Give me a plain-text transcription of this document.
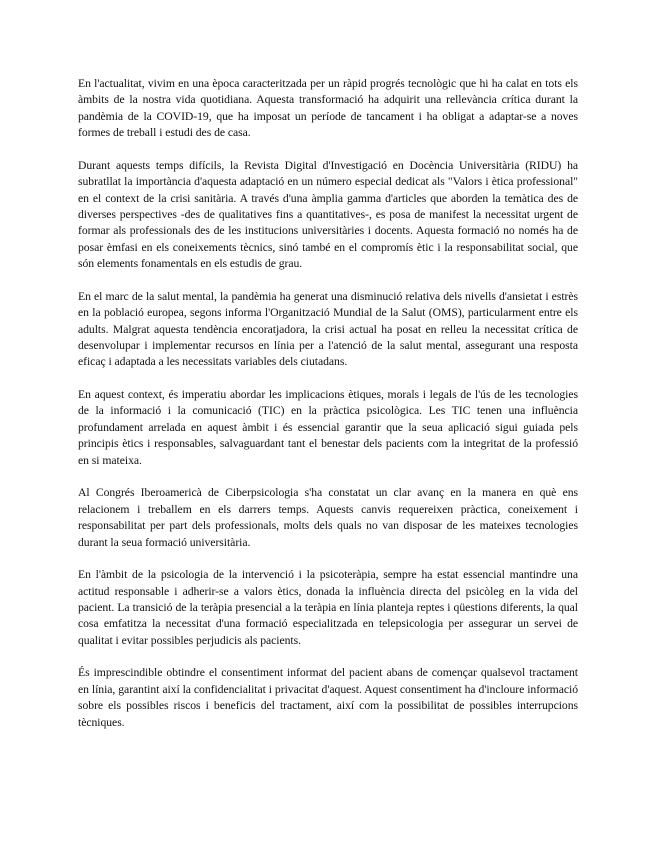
En l'actualitat, vivim en una època caracteritzada per un ràpid progrés tecnològic que hi ha calat en tots els àmbits de la nostra vida quotidiana. Aquesta transformació ha adquirit una rellevància crítica durant la pandèmia de la COVID-19, que ha imposat un període de tancament i ha obligat a adaptar-se a noves formes de treball i estudi des de casa.

Durant aquests temps difícils, la Revista Digital d'Investigació en Docència Universitària (RIDU) ha subratllat la importància d'aquesta adaptació en un número especial dedicat als "Valors i ètica professional" en el context de la crisi sanitària. A través d'una àmplia gamma d'articles que aborden la temàtica des de diverses perspectives -des de qualitatives fins a quantitatives-, es posa de manifest la necessitat urgent de formar als professionals des de les institucions universitàries i docents. Aquesta formació no només ha de posar èmfasi en els coneixements tècnics, sinó també en el compromís ètic i la responsabilitat social, que són elements fonamentals en els estudis de grau.

En el marc de la salut mental, la pandèmia ha generat una disminució relativa dels nivells d'ansietat i estrès en la població europea, segons informa l'Organització Mundial de la Salut (OMS), particularment entre els adults. Malgrat aquesta tendència encoratjadora, la crisi actual ha posat en relleu la necessitat crítica de desenvolupar i implementar recursos en línia per a l'atenció de la salut mental, assegurant una resposta eficaç i adaptada a les necessitats variables dels ciutadans.

En aquest context, és imperatiu abordar les implicacions ètiques, morals i legals de l'ús de les tecnologies de la informació i la comunicació (TIC) en la pràctica psicològica. Les TIC tenen una influència profundament arrelada en aquest àmbit i és essencial garantir que la seua aplicació sigui guiada pels principis ètics i responsables, salvaguardant tant el benestar dels pacients com la integritat de la professió en si mateixa.

Al Congrés Iberoamericà de Ciberpsicologia s'ha constatat un clar avanç en la manera en què ens relacionem i treballem en els darrers temps. Aquests canvis requereixen pràctica, coneixement i responsabilitat per part dels professionals, molts dels quals no van disposar de les mateixes tecnologies durant la seua formació universitària.

En l'àmbit de la psicologia de la intervenció i la psicoteràpia, sempre ha estat essencial mantindre una actitud responsable i adherir-se a valors ètics, donada la influència directa del psicòleg en la vida del pacient. La transició de la teràpia presencial a la teràpia en línia planteja reptes i qüestions diferents, la qual cosa emfatitza la necessitat d'una formació especialitzada en telepsicologia per assegurar un servei de qualitat i evitar possibles perjudicis als pacients.

És imprescindible obtindre el consentiment informat del pacient abans de començar qualsevol tractament en línia, garantint així la confidencialitat i privacitat d'aquest. Aquest consentiment ha d'incloure informació sobre els possibles riscos i beneficis del tractament, així com la possibilitat de possibles interrupcions tècniques.
